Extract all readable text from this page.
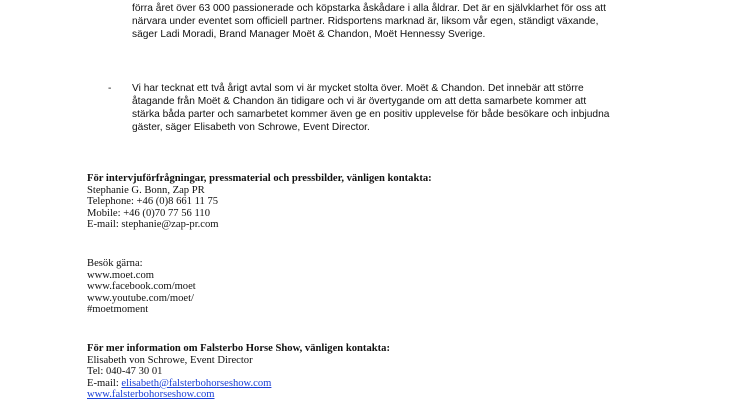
förra året över 63 000 passionerade och köpstarka åskådare i alla åldrar. Det är en självklarhet för oss att
närvara under eventet som officiell partner. Ridsportens marknad är, liksom vår egen, ständigt växande,
säger Ladi Moradi, Brand Manager Moët & Chandon, Moët Hennessy Sverige.
- Vi har tecknat ett två årigt avtal som vi är mycket stolta över. Moët & Chandon. Det innebär att större
åtagande från Moët & Chandon än tidigare och vi är övertygande om att detta samarbete kommer att
stärka båda parter och samarbetet kommer även ge en positiv upplevelse för både besökare och inbjudna
gäster, säger Elisabeth von Schrowe, Event Director.
För intervjuförfrågningar, pressmaterial och pressbilder, vänligen kontakta:
Stephanie G. Bonn, Zap PR
Telephone: +46 (0)8 661 11 75
Mobile: +46 (0)70 77 56 110
E-mail: stephanie@zap-pr.com
Besök gärna:
www.moet.com
www.facebook.com/moet
www.youtube.com/moet/
#moetmoment
För mer information om Falsterbo Horse Show, vänligen kontakta:
Elisabeth von Schrowe, Event Director
Tel: 040-47 30 01
E-mail: elisabeth@falsterbohorseshow.com
www.falsterbohorseshow.com
